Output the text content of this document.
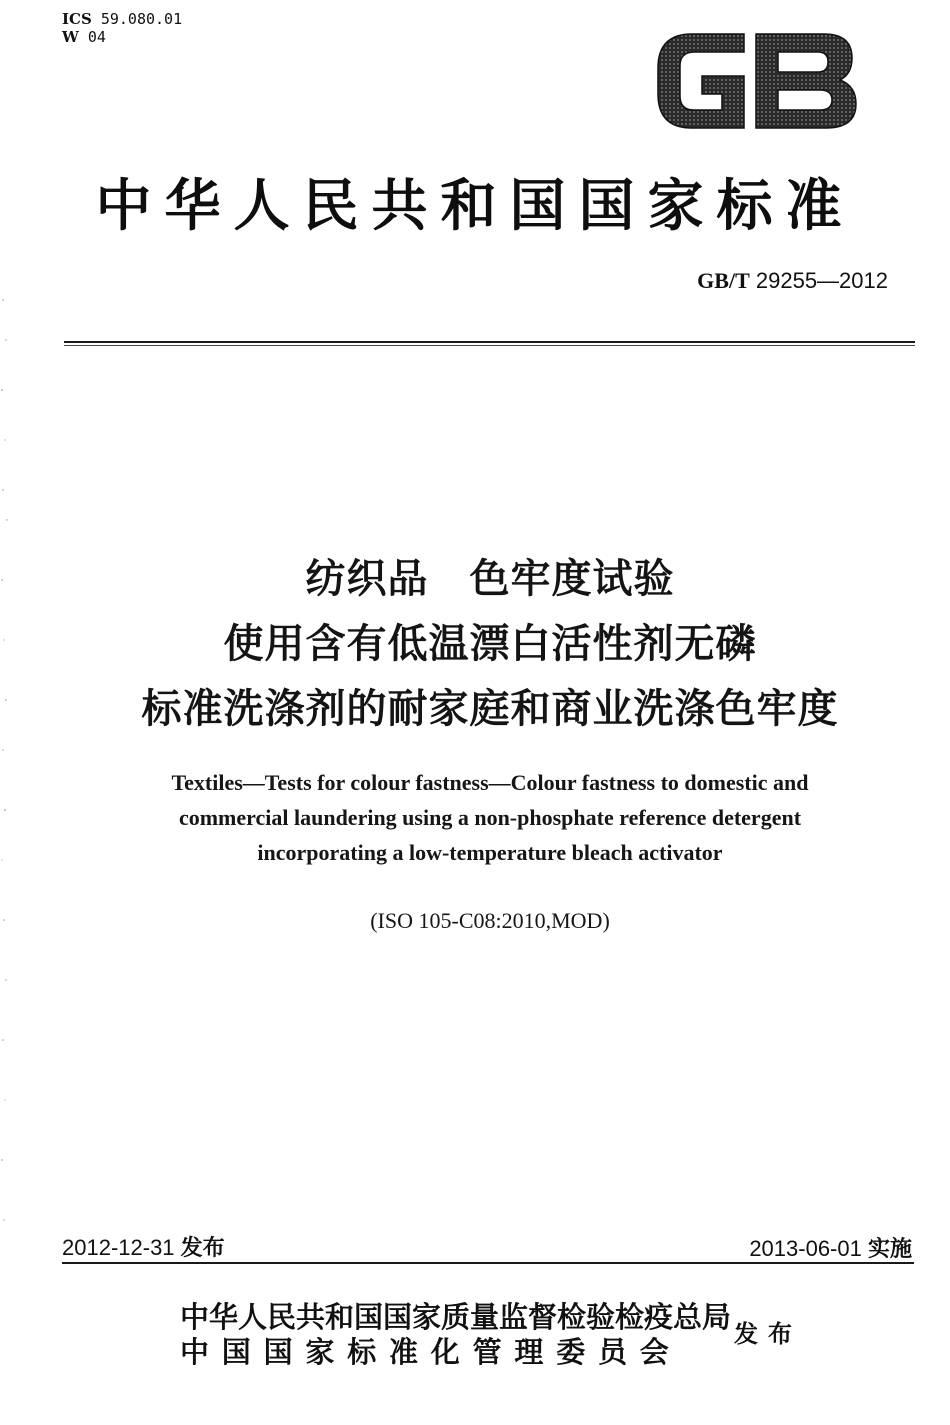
ICS 59.080.01
W 04
中华人民共和国国家标准
GB/T 29255—2012
纺织品　色牢度试验
使用含有低温漂白活性剂无磷
标准洗涤剂的耐家庭和商业洗涤色牢度
Textiles—Tests for colour fastness—Colour fastness to domestic and
commercial laundering using a non-phosphate reference detergent
incorporating a low-temperature bleach activator
(ISO 105-C08:2010,MOD)
2012-12-31 发布	2013-06-01 实施
中华人民共和国国家质量监督检验检疫总局
中国国家标准化管理委员会
发布
